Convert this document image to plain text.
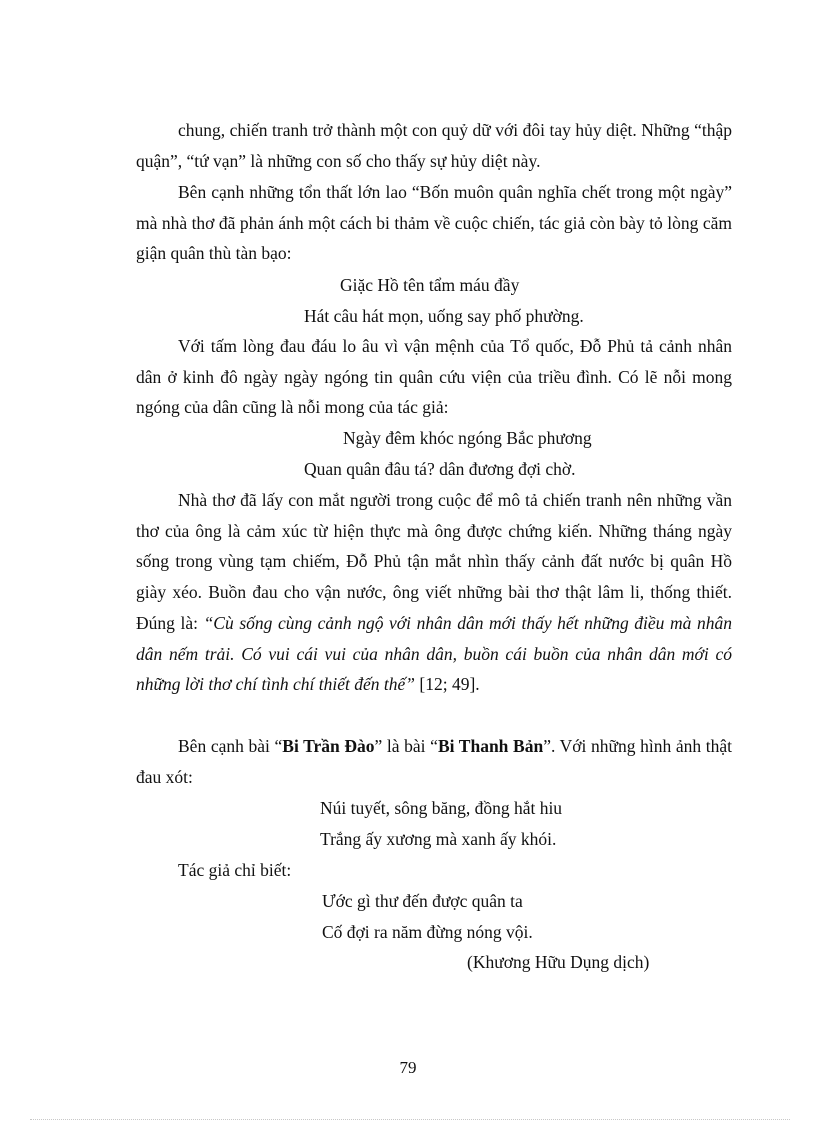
chung, chiến tranh trở thành một con quỷ dữ với đôi tay hủy diệt. Những “thập quận”, “tứ vạn” là những con số cho thấy sự hủy diệt này.

Bên cạnh những tổn thất lớn lao “Bốn muôn quân nghĩa chết trong một ngày” mà nhà thơ đã phản ánh một cách bi thảm về cuộc chiến, tác giả còn bày tỏ lòng căm giận quân thù tàn bạo:

Giặc Hồ tên tẩm máu đầy

Hát câu hát mọn, uống say phố phường.

Với tấm lòng đau đáu lo âu vì vận mệnh của Tổ quốc, Đỗ Phủ tả cảnh nhân dân ở kinh đô ngày ngày ngóng tin quân cứu viện của triều đình. Có lẽ nỗi mong ngóng của dân cũng là nỗi mong của tác giả:

Ngày đêm khóc ngóng Bắc phương

Quan quân đâu tá? dân đương đợi chờ.

Nhà thơ đã lấy con mắt người trong cuộc để mô tả chiến tranh nên những vần thơ của ông là cảm xúc từ hiện thực mà ông được chứng kiến. Những tháng ngày sống trong vùng tạm chiếm, Đỗ Phủ tận mắt nhìn thấy cảnh đất nước bị quân Hồ giày xéo. Buồn đau cho vận nước, ông viết những bài thơ thật lâm li, thống thiết. Đúng là: “Cù sống cùng cảnh ngộ với nhân dân mới thấy hết những điều mà nhân dân nếm trải. Có vui cái vui của nhân dân, buồn cái buồn của nhân dân mới có những lời thơ chí tình chí thiết đến thế” [12; 49].

Bên cạnh bài “Bi Trần Đào” là bài “Bi Thanh Bản”. Với những hình ảnh thật đau xót:

Núi tuyết, sông băng, đồng hắt hiu

Trắng ấy xương mà xanh ấy khói.

Tác giả chỉ biết:

Ước gì thư đến được quân ta

Cố đợi ra năm đừng nóng vội.

(Khương Hữu Dụng dịch)

79
